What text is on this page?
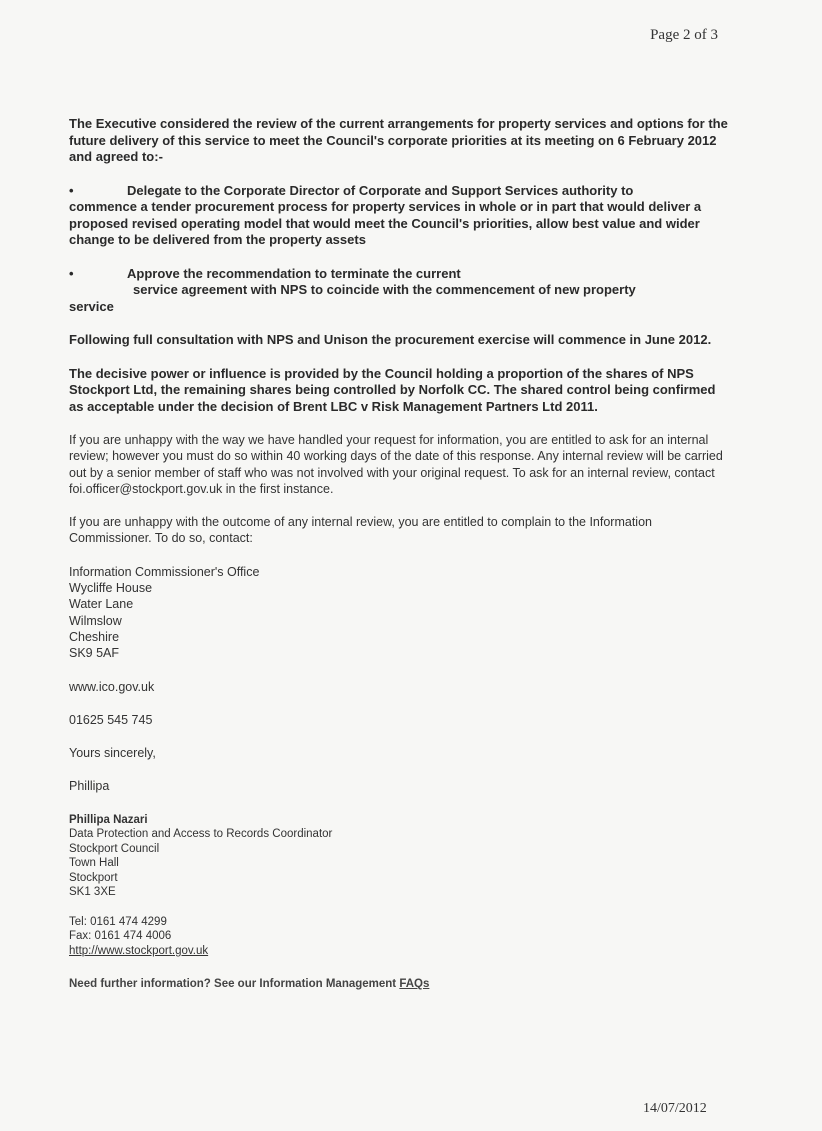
Page 2 of 3

The Executive considered the review of the current arrangements for property services and options for the future delivery of this service to meet the Council's corporate priorities at its meeting on 6 February 2012 and agreed to:-

•	Delegate to the Corporate Director of Corporate and Support Services authority to

commence a tender procurement process for property services in whole or in part that would deliver a proposed revised operating model that would meet the Council's priorities, allow best value and wider change to be delivered from the property assets

•	Approve the recommendation to terminate the current

service agreement with NPS to coincide with the commencement of new property

service

Following full consultation with NPS and Unison the procurement exercise will commence in June 2012.

The decisive power or influence is provided by the Council holding a proportion of the shares of NPS Stockport Ltd, the remaining shares being controlled by Norfolk CC. The shared control being confirmed as acceptable under the decision of Brent LBC v Risk Management Partners Ltd 2011.

If you are unhappy with the way we have handled your request for information, you are entitled to ask for an internal review; however you must do so within 40 working days of the date of this response. Any internal review will be carried out by a senior member of staff who was not involved with your original request. To ask for an internal review, contact foi.officer@stockport.gov.uk in the first instance.

If you are unhappy with the outcome of any internal review, you are entitled to complain to the Information Commissioner. To do so, contact:

Information Commissioner's Office
Wycliffe House
Water Lane
Wilmslow
Cheshire
SK9 5AF
www.ico.gov.uk
01625 545 745
Yours sincerely,
Phillipa
Phillipa Nazari
Data Protection and Access to Records Coordinator
Stockport Council
Town Hall
Stockport
SK1 3XE
Tel: 0161 474 4299
Fax: 0161 474 4006
http://www.stockport.gov.uk
Need further information? See our Information Management FAQs
14/07/2012
